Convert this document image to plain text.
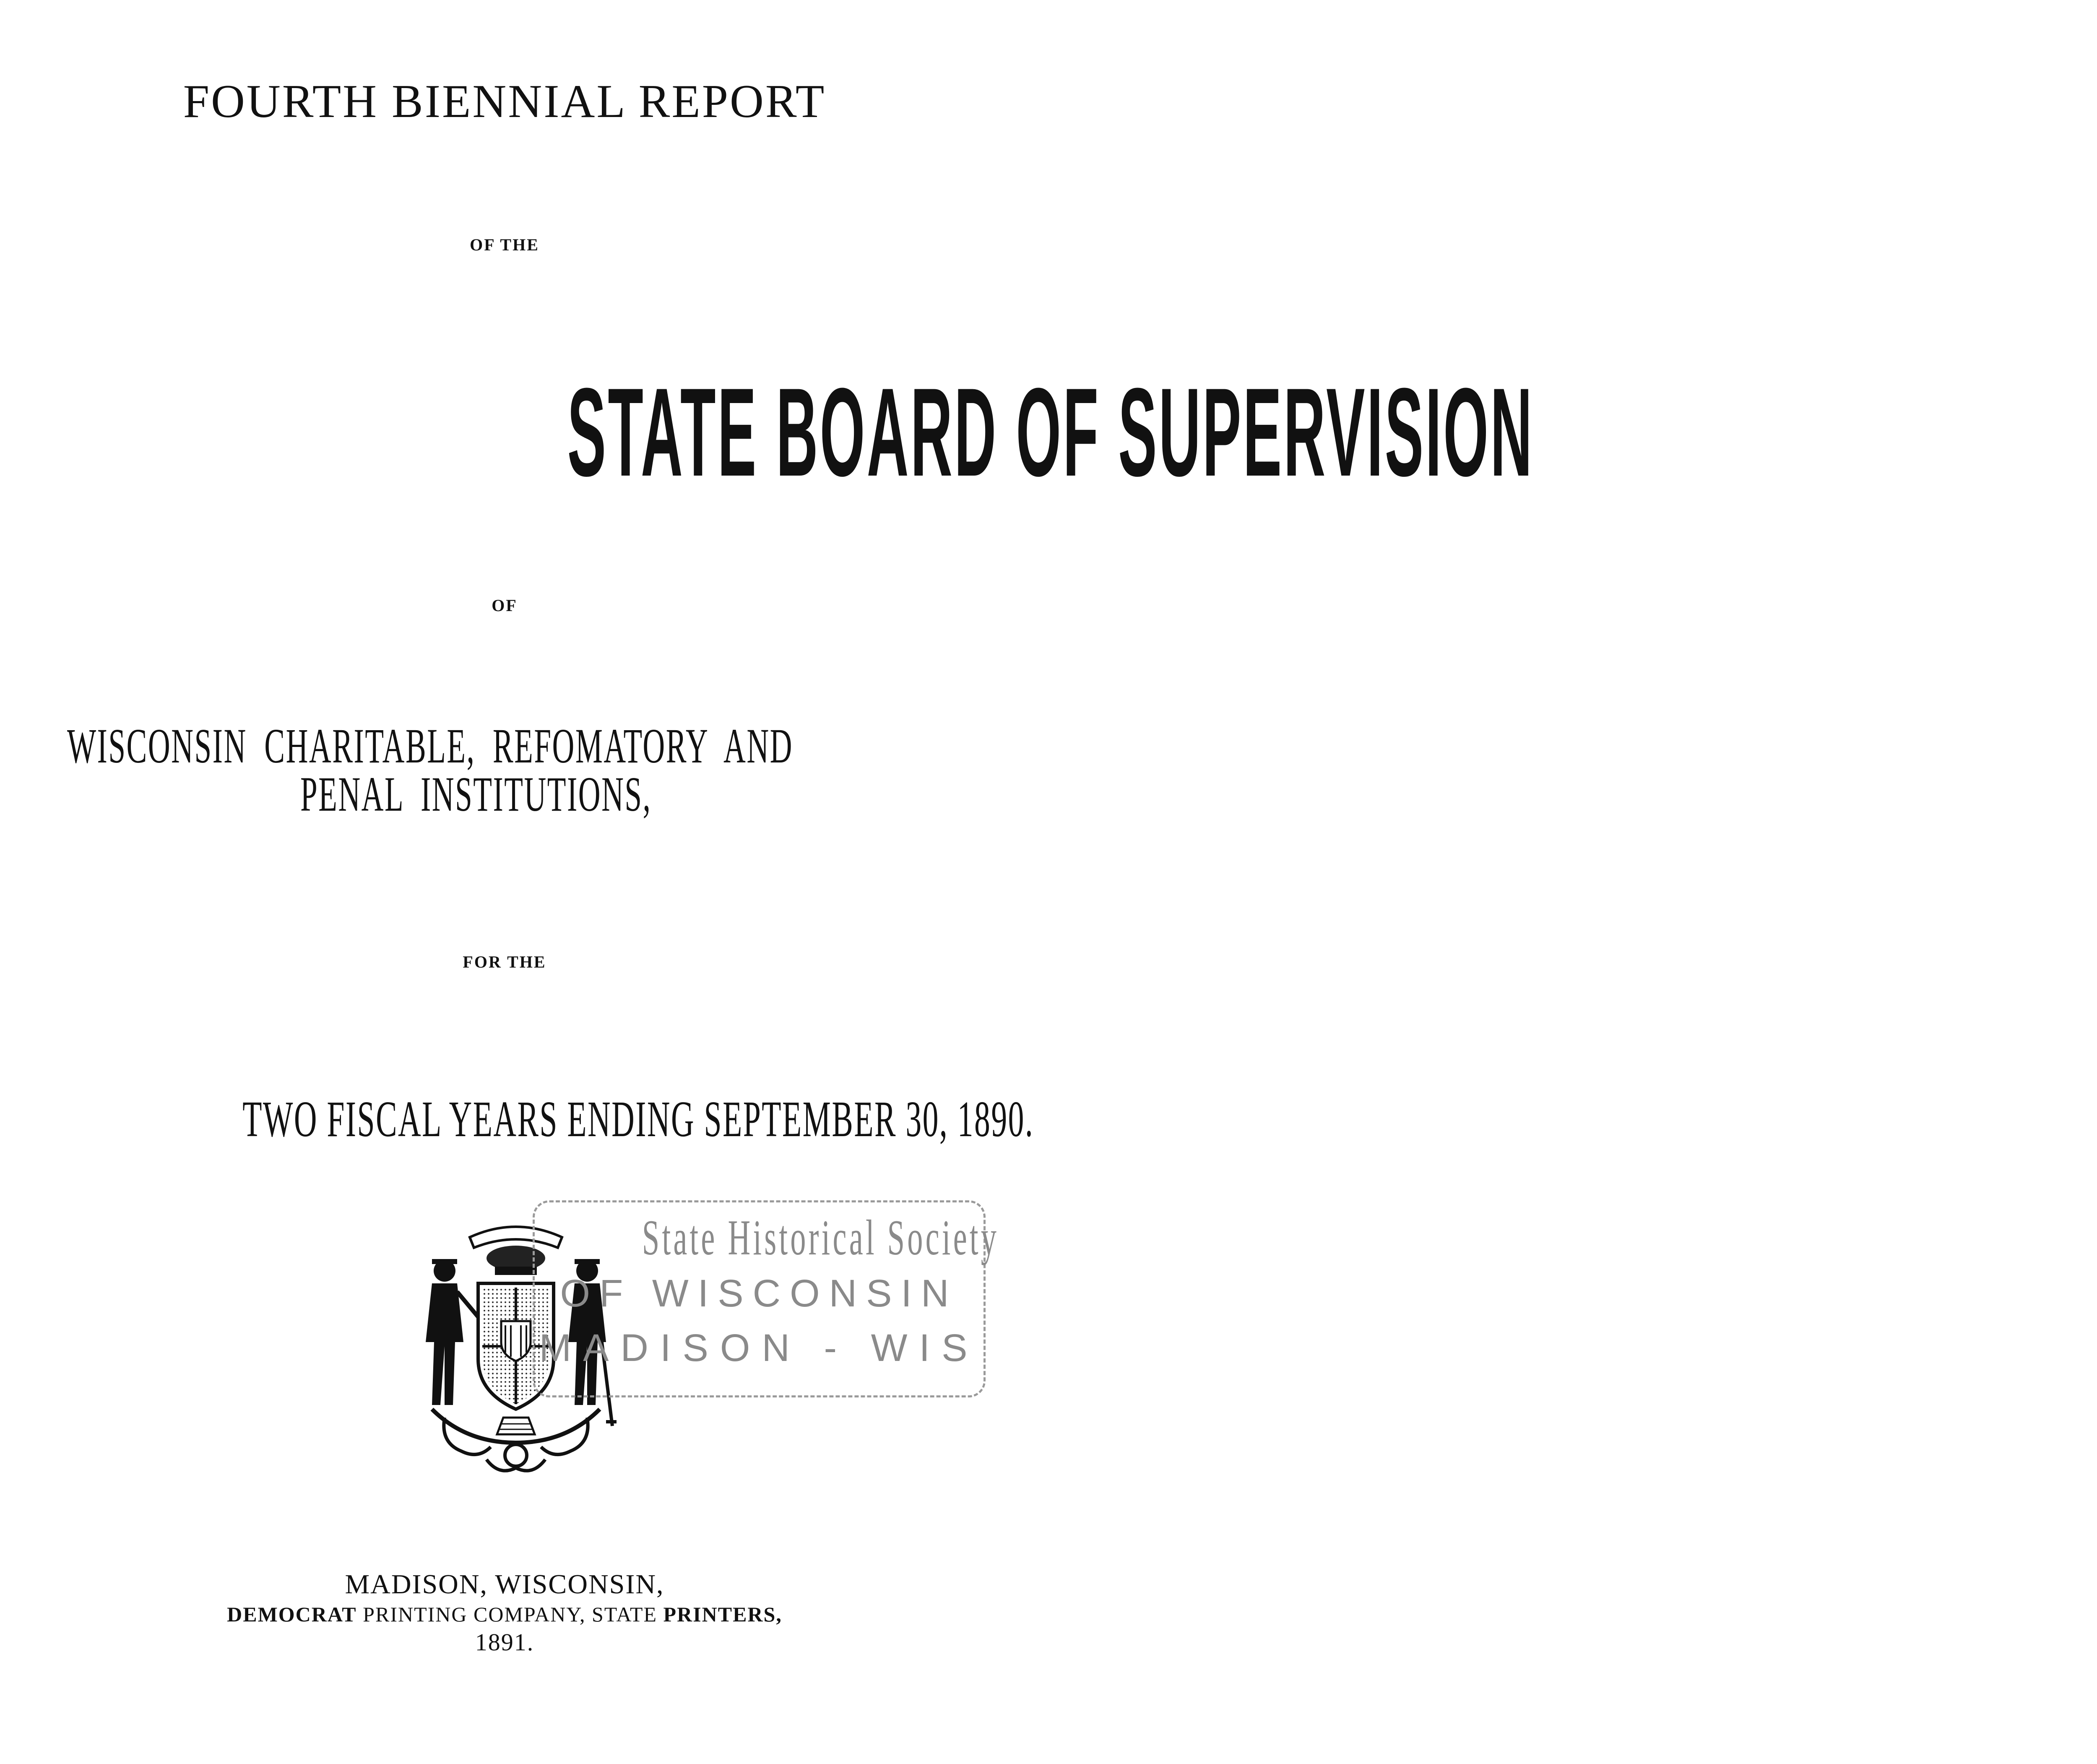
FOURTH BIENNIAL REPORT
OF THE
STATE BOARD OF SUPERVISION
OF
WISCONSIN  CHARITABLE,  REFOMATORY  AND
PENAL  INSTITUTIONS,
FOR THE
TWO FISCAL YEARS ENDING SEPTEMBER 30, 1890.
State Historical Society
OF WISCONSIN
MADISON - WIS
MADISON, WISCONSIN,
DEMOCRAT PRINTING COMPANY, STATE PRINTERS,
1891.
